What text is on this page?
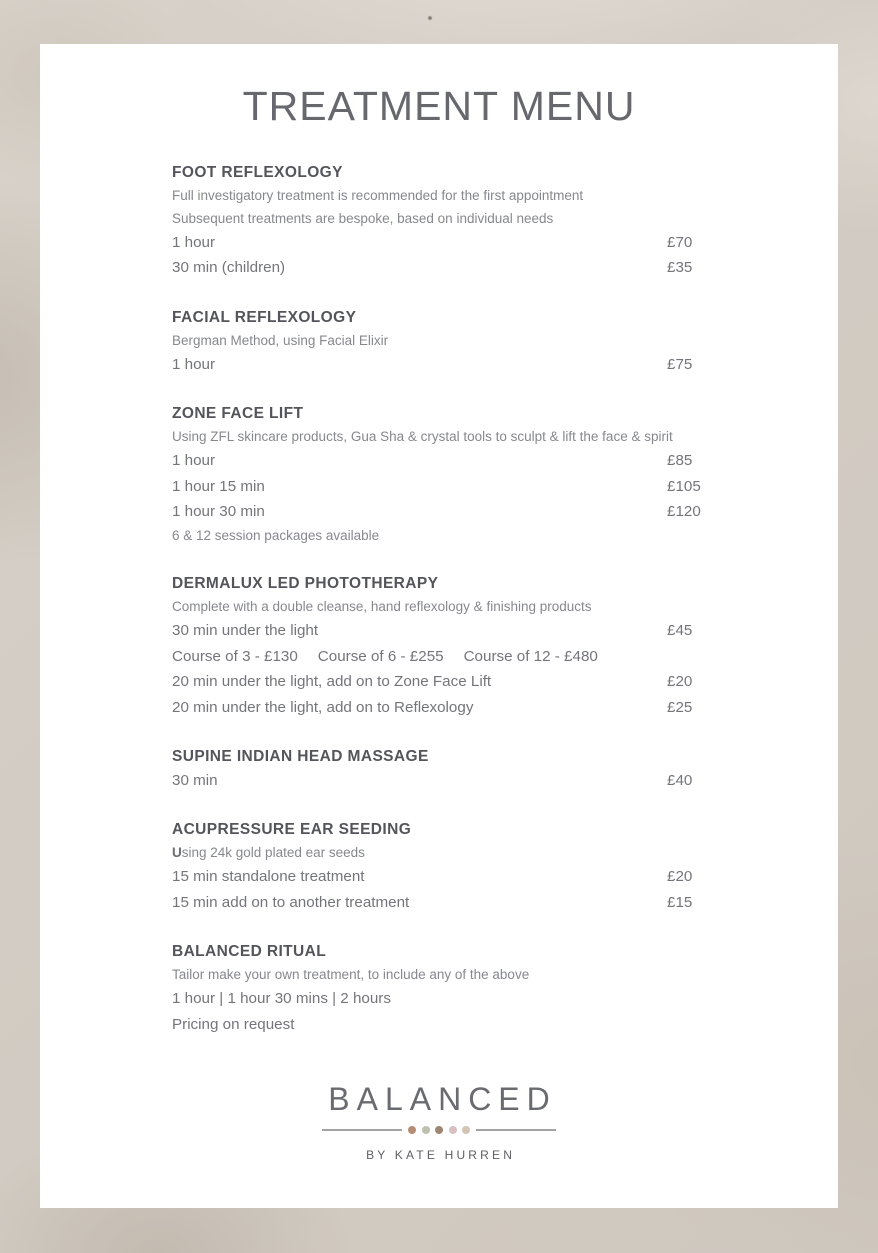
TREATMENT MENU
FOOT REFLEXOLOGY
Full investigatory treatment is recommended for the first appointment
Subsequent treatments are bespoke, based on individual needs
1 hour	£70
30 min (children)	£35
FACIAL REFLEXOLOGY
Bergman Method, using Facial Elixir
1 hour	£75
ZONE FACE LIFT
Using ZFL skincare products, Gua Sha & crystal tools to sculpt & lift the face & spirit
1 hour	£85
1 hour 15 min	£105
1 hour 30 min	£120
6 & 12 session packages available
DERMALUX LED PHOTOTHERAPY
Complete with a double cleanse, hand reflexology & finishing products
30 min under the light	£45
Course of 3 - £130 Course of 6 - £255 Course of 12 - £480
20 min under the light, add on to Zone Face Lift	£20
20 min under the light, add on to Reflexology	£25
SUPINE INDIAN HEAD MASSAGE
30 min	£40
ACUPRESSURE EAR SEEDING
Using 24k gold plated ear seeds
15 min standalone treatment	£20
15 min add on to another treatment	£15
BALANCED RITUAL
Tailor make your own treatment, to include any of the above
1 hour | 1 hour 30 mins | 2 hours
Pricing on request
BALANCED
BY KATE HURREN
